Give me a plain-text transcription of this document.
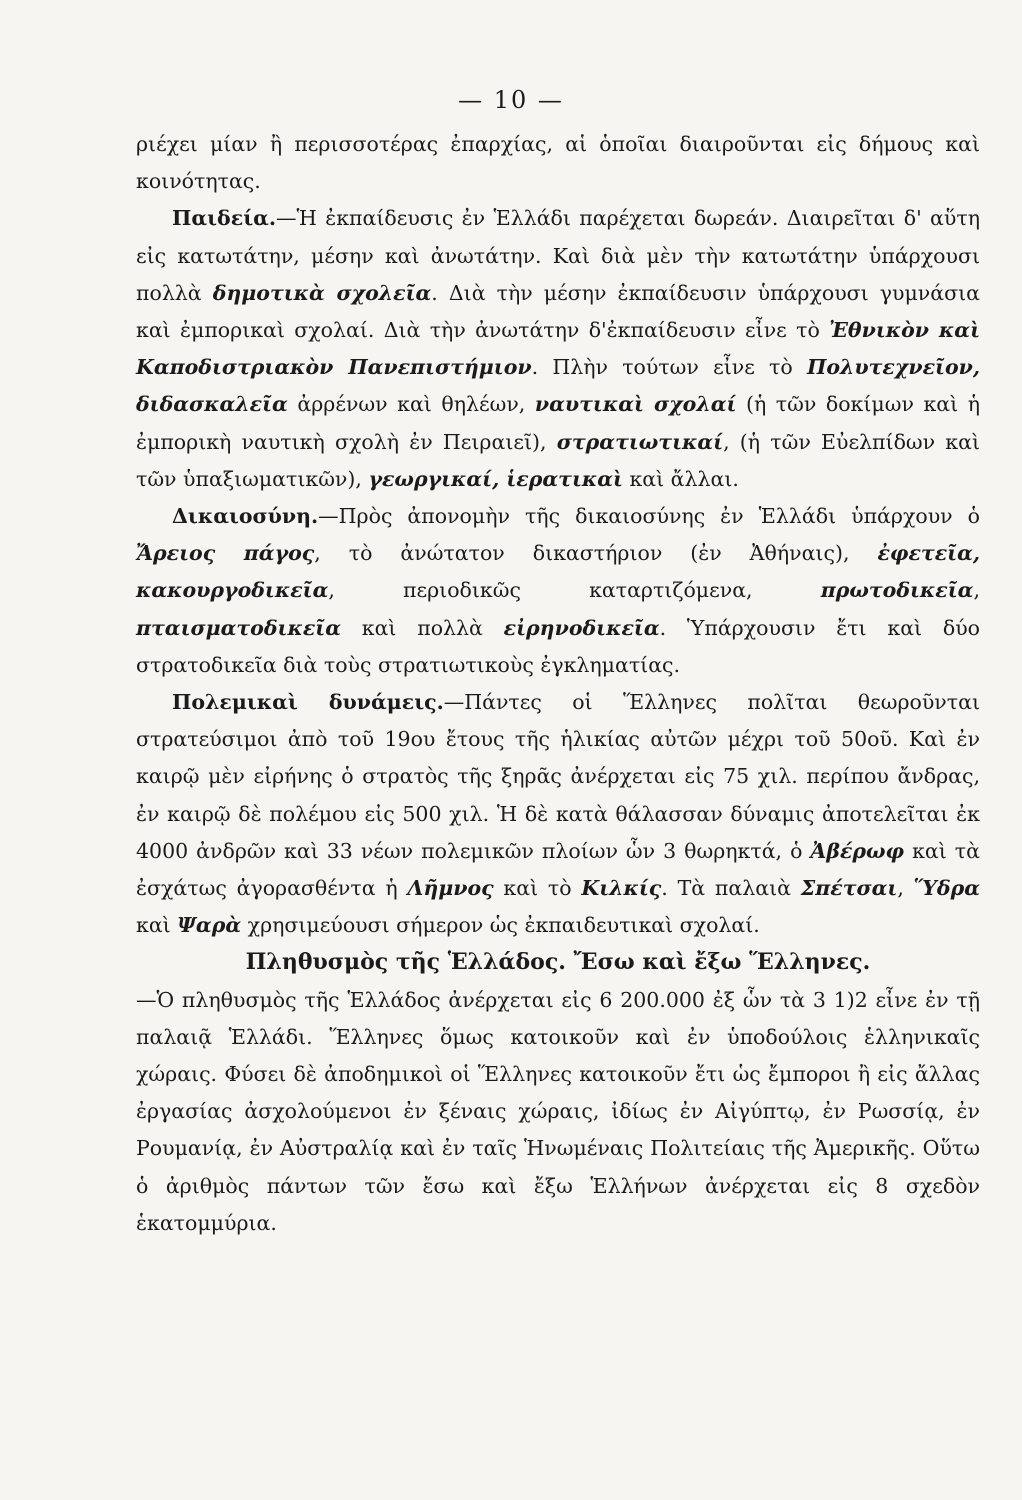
— 10 —

ριέχει μίαν ἢ περισσοτέρας ἐπαρχίας, αἱ ὁποῖαι διαιροῦνται εἰς δήμους καὶ κοινότητας.

Παιδεία.—Ἡ ἐκπαίδευσις ἐν Ἑλλάδι παρέχεται δωρεάν. Διαιρεῖται δ' αὕτη εἰς κατωτάτην, μέσην καὶ ἀνωτάτην. Καὶ διὰ μὲν τὴν κατωτάτην ὑπάρχουσι πολλὰ δημοτικὰ σχολεῖα. Διὰ τὴν μέσην ἐκπαίδευσιν ὑπάρχουσι γυμνάσια καὶ ἐμπορικαὶ σχολαί. Διὰ τὴν ἀνωτάτην δ'ἐκπαίδευσιν εἶνε τὸ Ἐθνικὸν καὶ Καποδιστριακὸν Πανεπιστήμιον. Πλὴν τούτων εἶνε τὸ Πολυτεχνεῖον, διδασκαλεῖα ἀρρένων καὶ θηλέων, ναυτικαὶ σχολαί (ἡ τῶν δοκίμων καὶ ἡ ἐμπορικὴ ναυτικὴ σχολὴ ἐν Πειραιεῖ), στρατιωτικαί, (ἡ τῶν Εὐελπίδων καὶ τῶν ὑπαξιωματικῶν), γεωργικαί, ἱερατικαὶ καὶ ἄλλαι.

Δικαιοσύνη.—Πρὸς ἀπονομὴν τῆς δικαιοσύνης ἐν Ἑλλάδι ὑπάρχουν ὁ Ἄρειος πάγος, τὸ ἀνώτατον δικαστήριον (ἐν Ἀθήναις), ἐφετεῖα, κακουργοδικεῖα, περιοδικῶς καταρτιζόμενα, πρωτοδικεῖα, πταισματοδικεῖα καὶ πολλὰ εἰρηνοδικεῖα. Ὑπάρχουσιν ἔτι καὶ δύο στρατοδικεῖα διὰ τοὺς στρατιωτικοὺς ἐγκληματίας.

Πολεμικαὶ δυνάμεις.—Πάντες οἱ Ἕλληνες πολῖται θεωροῦνται στρατεύσιμοι ἀπὸ τοῦ 19ου ἔτους τῆς ἡλικίας αὐτῶν μέχρι τοῦ 50οῦ. Καὶ ἐν καιρῷ μὲν εἰρήνης ὁ στρατὸς τῆς ξηρᾶς ἀνέρχεται εἰς 75 χιλ. περίπου ἄνδρας, ἐν καιρῷ δὲ πολέμου εἰς 500 χιλ. Ἡ δὲ κατὰ θάλασσαν δύναμις ἀποτελεῖται ἐκ 4000 ἀνδρῶν καὶ 33 νέων πολεμικῶν πλοίων ὧν 3 θωρηκτά, ὁ Ἀβέρωφ καὶ τὰ ἐσχάτως ἀγορασθέντα ἡ Λῆμνος καὶ τὸ Κιλκίς. Τὰ παλαιὰ Σπέτσαι, Ὕδρα καὶ Ψαρὰ χρησιμεύουσι σήμερον ὡς ἐκπαιδευτικαὶ σχολαί.

Πληθυσμὸς τῆς Ἑλλάδος. Ἔσω καὶ ἔξω Ἕλληνες.

—Ὁ πληθυσμὸς τῆς Ἑλλάδος ἀνέρχεται εἰς 6 200.000 ἐξ ὧν τὰ 3 1)2 εἶνε ἐν τῇ παλαιᾷ Ἑλλάδι. Ἕλληνες ὅμως κατοικοῦν καὶ ἐν ὑποδούλοις ἑλληνικαῖς χώραις. Φύσει δὲ ἀποδημικοὶ οἱ Ἕλληνες κατοικοῦν ἔτι ὡς ἔμποροι ἢ εἰς ἄλλας ἐργασίας ἀσχολούμενοι ἐν ξέναις χώραις, ἰδίως ἐν Αἰγύπτῳ, ἐν Ρωσσίᾳ, ἐν Ρουμανίᾳ, ἐν Αὐστραλίᾳ καὶ ἐν ταῖς Ἡνωμέναις Πολιτείαις τῆς Ἀμερικῆς. Οὕτω ὁ ἀριθμὸς πάντων τῶν ἔσω καὶ ἔξω Ἑλλήνων ἀνέρχεται εἰς 8 σχεδὸν ἑκατομμύρια.
